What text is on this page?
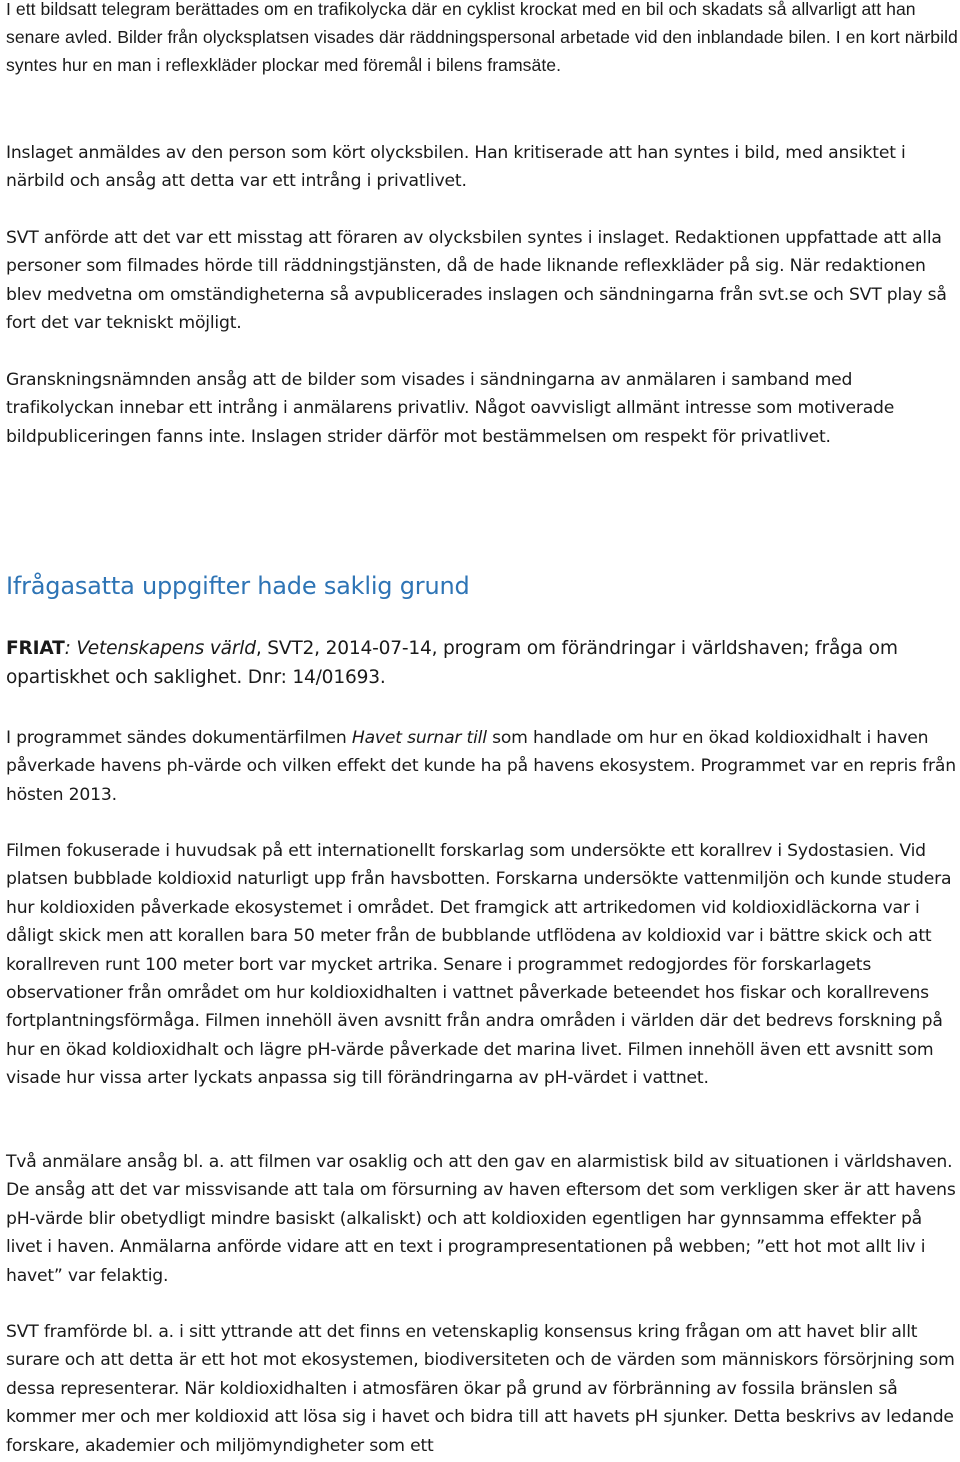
I ett bildsatt telegram berättades om en trafikolycka där en cyklist krockat med en bil och skadats så allvarligt att han senare avled. Bilder från olycksplatsen visades där räddningspersonal arbetade vid den inblandade bilen. I en kort närbild syntes hur en man i reflexkläder plockar med föremål i bilens framsäte.

Inslaget anmäldes av den person som kört olycksbilen. Han kritiserade att han syntes i bild, med ansiktet i närbild och ansåg att detta var ett intrång i privatlivet.

SVT anförde att det var ett misstag att föraren av olycksbilen syntes i inslaget. Redaktionen uppfattade att alla personer som filmades hörde till räddningstjänsten, då de hade liknande reflexkläder på sig. När redaktionen blev medvetna om omständigheterna så avpublicerades inslagen och sändningarna från svt.se och SVT play så fort det var tekniskt möjligt.

Granskningsnämnden ansåg att de bilder som visades i sändningarna av anmälaren i samband med trafikolyckan innebar ett intrång i anmälarens privatliv. Något oavvisligt allmänt intresse som motiverade bildpubliceringen fanns inte. Inslagen strider därför mot bestämmelsen om respekt för privatlivet.

Ifrågasatta uppgifter hade saklig grund

FRIAT: Vetenskapens värld, SVT2, 2014-07-14, program om förändringar i världshaven; fråga om opartiskhet och saklighet. Dnr: 14/01693.

I programmet sändes dokumentärfilmen Havet surnar till som handlade om hur en ökad koldioxidhalt i haven påverkade havens ph-värde och vilken effekt det kunde ha på havens ekosystem. Programmet var en repris från hösten 2013.

Filmen fokuserade i huvudsak på ett internationellt forskarlag som undersökte ett korallrev i Sydostasien. Vid platsen bubblade koldioxid naturligt upp från havsbotten. Forskarna undersökte vattenmiljön och kunde studera hur koldioxiden påverkade ekosystemet i området. Det framgick att artrikedomen vid koldioxidläckorna var i dåligt skick men att korallen bara 50 meter från de bubblande utflödena av koldioxid var i bättre skick och att korallreven runt 100 meter bort var mycket artrika. Senare i programmet redogjordes för forskarlagets observationer från området om hur koldioxidhalten i vattnet påverkade beteendet hos fiskar och korallrevens fortplantningsförmåga. Filmen innehöll även avsnitt från andra områden i världen där det bedrevs forskning på hur en ökad koldioxidhalt och lägre pH-värde påverkade det marina livet. Filmen innehöll även ett avsnitt som visade hur vissa arter lyckats anpassa sig till förändringarna av pH-värdet i vattnet.

Två anmälare ansåg bl. a. att filmen var osaklig och att den gav en alarmistisk bild av situationen i världshaven. De ansåg att det var missvisande att tala om försurning av haven eftersom det som verkligen sker är att havens pH-värde blir obetydligt mindre basiskt (alkaliskt) och att koldioxiden egentligen har gynnsamma effekter på livet i haven. Anmälarna anförde vidare att en text i programpresentationen på webben; ”ett hot mot allt liv i havet” var felaktig.

SVT framförde bl. a. i sitt yttrande att det finns en vetenskaplig konsensus kring frågan om att havet blir allt surare och att detta är ett hot mot ekosystemen, biodiversiteten och de värden som människors försörjning som dessa representerar. När koldioxidhalten i atmosfären ökar på grund av förbränning av fossila bränslen så kommer mer och mer koldioxid att lösa sig i havet och bidra till att havets pH sjunker. Detta beskrivs av ledande forskare, akademier och miljömyndigheter som ett
